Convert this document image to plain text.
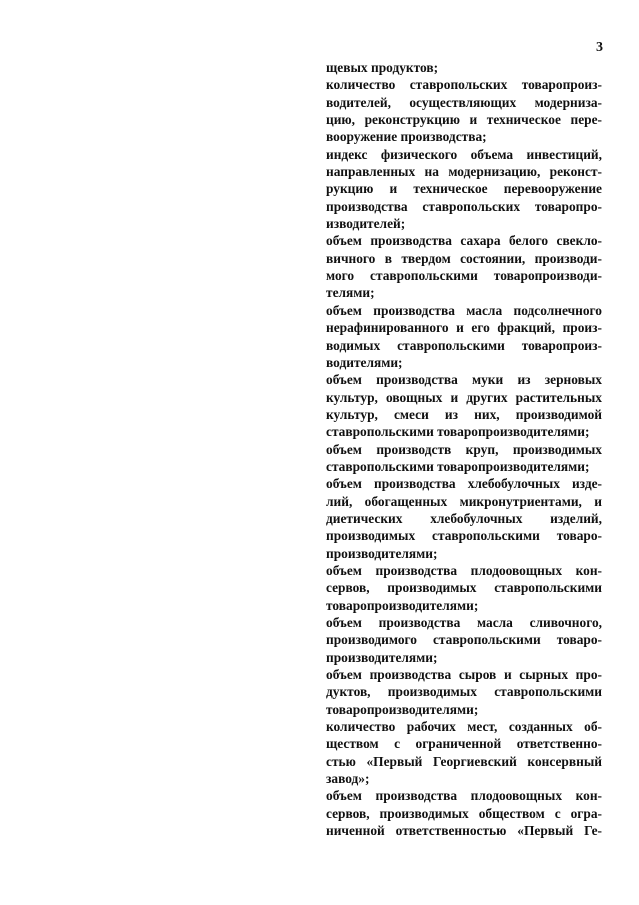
3
щевых продуктов;
количество ставропольских товаропроиз-
водителей, осуществляющих модерниза-
цию, реконструкцию и техническое пере-
вооружение производства;
индекс физического объема инвестиций,
направленных на модернизацию, реконст-
рукцию и техническое перевооружение
производства ставропольских товаропро-
изводителей;
объем производства сахара белого свекло-
вичного в твердом состоянии, производи-
мого ставропольскими товаропроизводи-
телями;
объем производства масла подсолнечного
нерафинированного и его фракций, произ-
водимых ставропольскими товаропроиз-
водителями;
объем производства муки из зерновых
культур, овощных и других растительных
культур, смеси из них, производимой
ставропольскими товаропроизводителями;
объем производств круп, производимых
ставропольскими товаропроизводителями;
объем производства хлебобулочных изде-
лий, обогащенных микронутриентами, и
диетических хлебобулочных изделий,
производимых ставропольскими товаро-
производителями;
объем производства плодоовощных кон-
сервов, производимых ставропольскими
товаропроизводителями;
объем производства масла сливочного,
производимого ставропольскими товаро-
производителями;
объем производства сыров и сырных про-
дуктов, производимых ставропольскими
товаропроизводителями;
количество рабочих мест, созданных об-
ществом с ограниченной ответственно-
стью «Первый Георгиевский консервный
завод»;
объем производства плодоовощных кон-
сервов, производимых обществом с огра-
ниченной ответственностью «Первый Ге-
